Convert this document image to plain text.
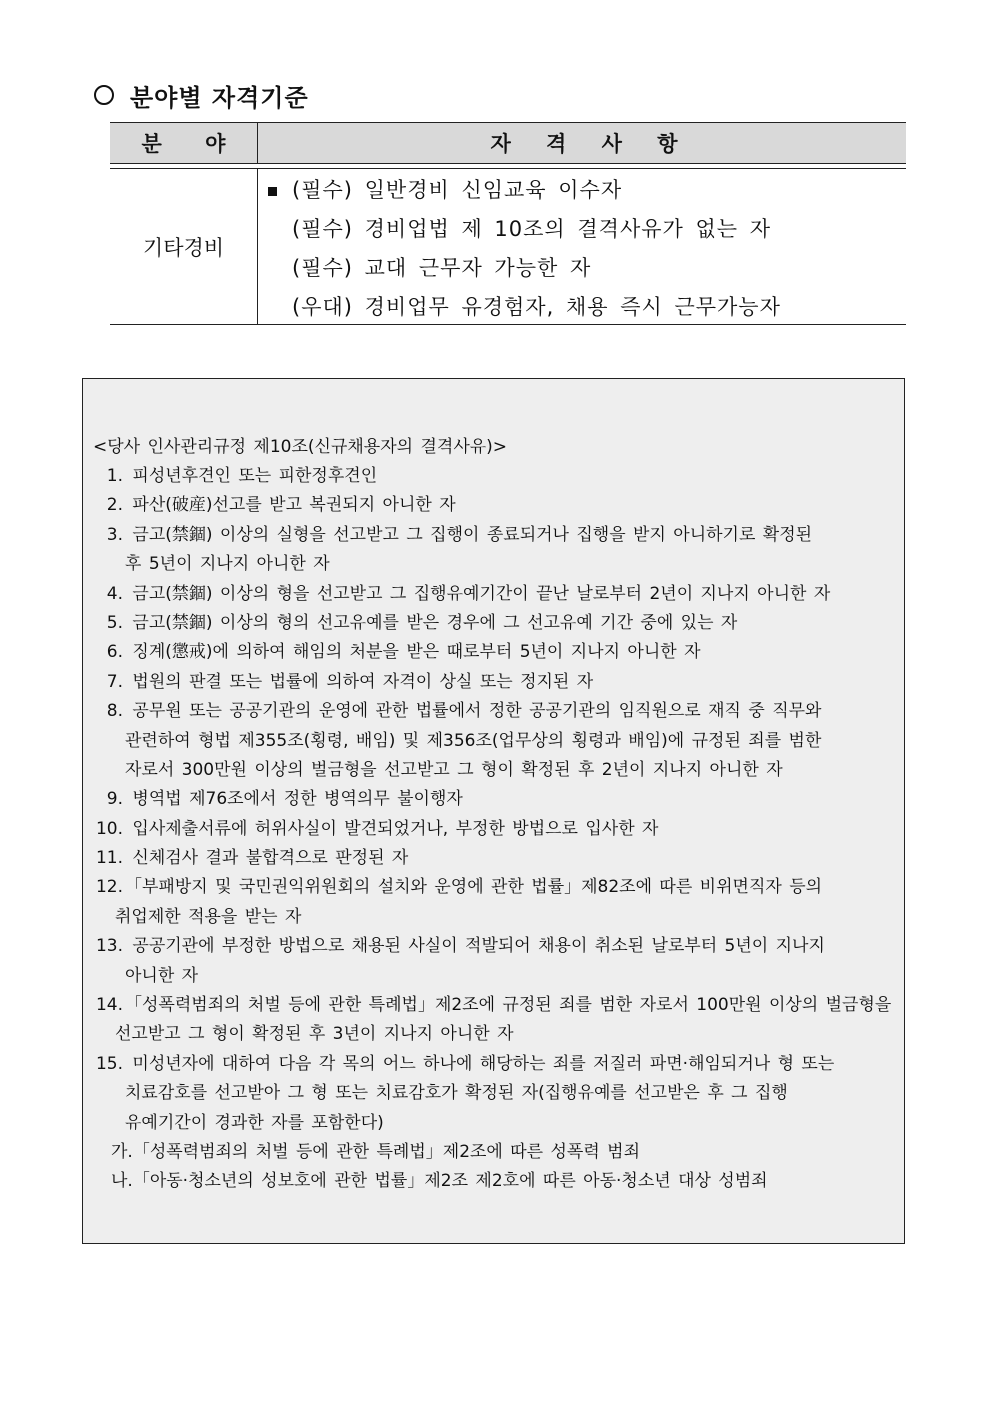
분야별 자격기준
분 야	자 격 사 항
기타경비
(필수) 일반경비 신임교육 이수자
(필수) 경비업법 제 10조의 결격사유가 없는 자
(필수) 교대 근무자 가능한 자
(우대) 경비업무 유경험자, 채용 즉시 근무가능자
<당사 인사관리규정 제10조(신규채용자의 결격사유)>
1. 피성년후견인 또는 피한정후견인
2. 파산(破産)선고를 받고 복권되지 아니한 자
3. 금고(禁錮) 이상의 실형을 선고받고 그 집행이 종료되거나 집행을 받지 아니하기로 확정된
후 5년이 지나지 아니한 자
4. 금고(禁錮) 이상의 형을 선고받고 그 집행유예기간이 끝난 날로부터 2년이 지나지 아니한 자
5. 금고(禁錮) 이상의 형의 선고유예를 받은 경우에 그 선고유예 기간 중에 있는 자
6. 징계(懲戒)에 의하여 해임의 처분을 받은 때로부터 5년이 지나지 아니한 자
7. 법원의 판결 또는 법률에 의하여 자격이 상실 또는 정지된 자
8. 공무원 또는 공공기관의 운영에 관한 법률에서 정한 공공기관의 임직원으로 재직 중 직무와
관련하여 형법 제355조(횡령, 배임) 및 제356조(업무상의 횡령과 배임)에 규정된 죄를 범한
자로서 300만원 이상의 벌금형을 선고받고 그 형이 확정된 후 2년이 지나지 아니한 자
9. 병역법 제76조에서 정한 병역의무 불이행자
10. 입사제출서류에 허위사실이 발견되었거나, 부정한 방법으로 입사한 자
11. 신체검사 결과 불합격으로 판정된 자
12. 「부패방지 및 국민권익위원회의 설치와 운영에 관한 법률」제82조에 따른 비위면직자 등의
취업제한 적용을 받는 자
13. 공공기관에 부정한 방법으로 채용된 사실이 적발되어 채용이 취소된 날로부터 5년이 지나지
아니한 자
14. 「성폭력범죄의 처벌 등에 관한 특례법」제2조에 규정된 죄를 범한 자로서 100만원 이상의 벌금형을
선고받고 그 형이 확정된 후 3년이 지나지 아니한 자
15. 미성년자에 대하여 다음 각 목의 어느 하나에 해당하는 죄를 저질러 파면·해임되거나 형 또는
치료감호를 선고받아 그 형 또는 치료감호가 확정된 자(집행유예를 선고받은 후 그 집행
유예기간이 경과한 자를 포함한다)
가.「성폭력범죄의 처벌 등에 관한 특례법」제2조에 따른 성폭력 범죄
나.「아동·청소년의 성보호에 관한 법률」제2조 제2호에 따른 아동·청소년 대상 성범죄
